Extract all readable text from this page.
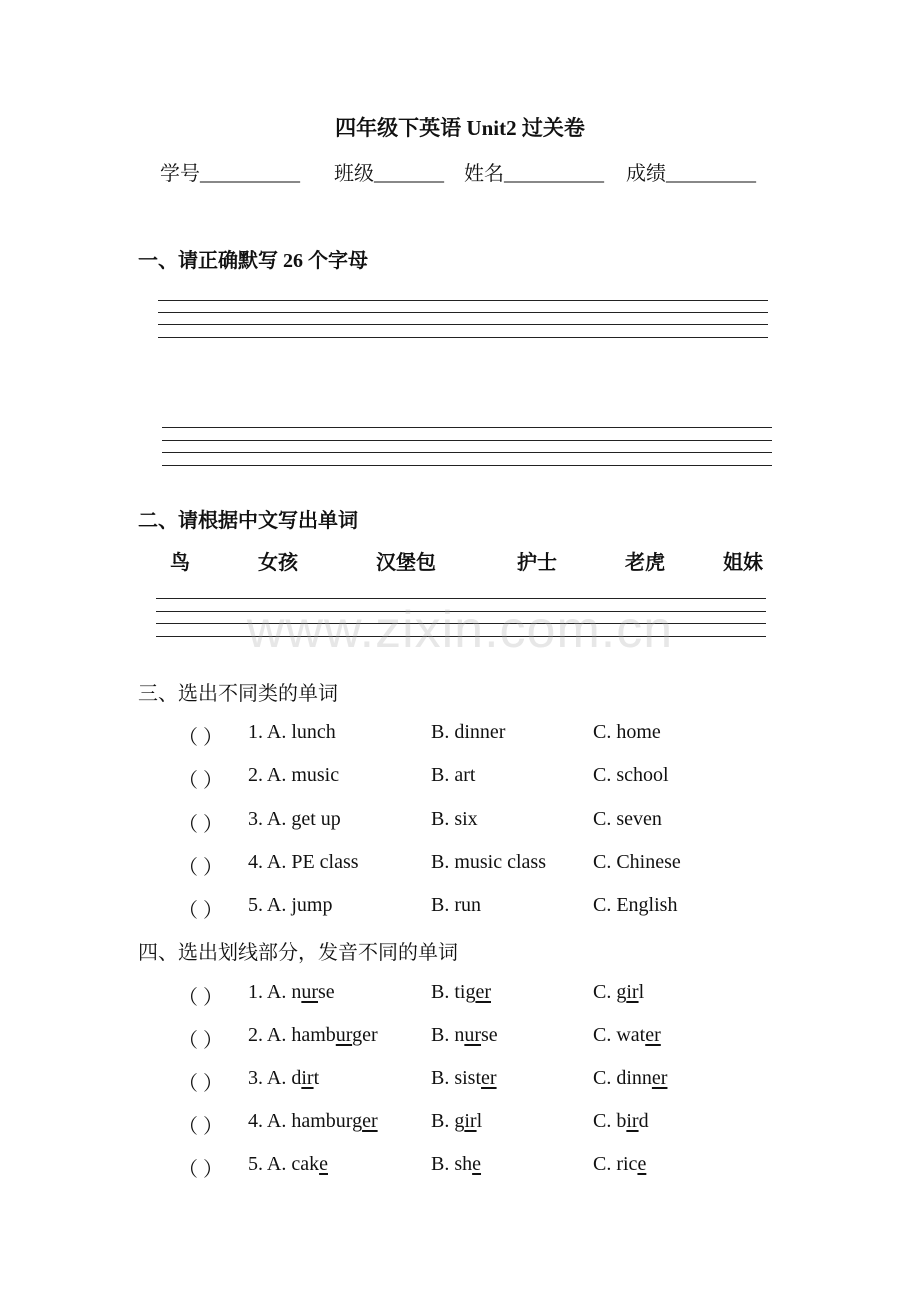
四年级下英语 Unit2 过关卷
学号__________ 班级_______ 姓名__________ 成绩_________
一、请正确默写 26 个字母
二、请根据中文写出单词
鸟	女孩	汉堡包	护士	老虎	姐妹
www.zixin.com.cn
三、选出不同类的单词
（ ） 1. A. lunch	B. dinner	C. home
（ ） 2. A. music	B. art	C. school
（ ） 3. A. get up	B. six	C. seven
（ ） 4. A. PE class	B. music class C. Chinese
（ ） 5. A. jump	B. run	C. English
四、选出划线部分，发音不同的单词
（ ） 1. A. nurse	B. tiger	C. girl
（ ） 2. A. hamburger	B. nurse	C. water
（ ） 3. A. dirt	B. sister	C. dinner
（ ） 4. A. hamburger	B. girl	C. bird
（ ） 5. A. cake	B. she	C. rice
